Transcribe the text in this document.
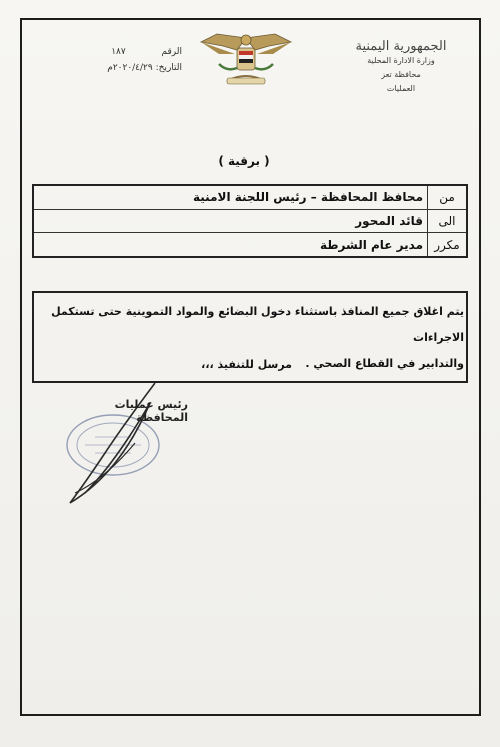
الجمهورية اليمنية
وزارة الادارة المحلية
محافظة تعز
العمليات
الرقم  ١٨٧
التاريخ: ٢٠٢٠/٤/٢٩م
( برقية )
من	محافظ المحافظة – رئيس اللجنة الامنية
الى	قائد المحور
مكرر	مدير عام الشرطة
يتم اغلاق جميع المنافذ باستثناء دخول البضائع والمواد التموينية حتى تستكمل الاجراءات
والتدابير في القطاع الصحي .
مرسل للتنفيذ ،،،
رئيس عمليات المحافظة
